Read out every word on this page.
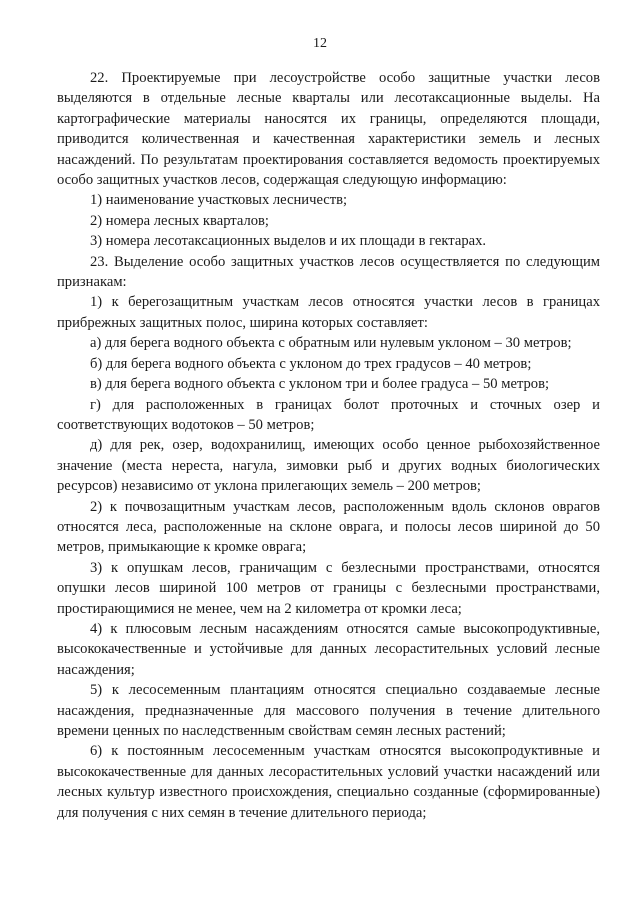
12

22. Проектируемые при лесоустройстве особо защитные участки лесов выделяются в отдельные лесные кварталы или лесотаксационные выделы. На картографические материалы наносятся их границы, определяются площади, приводится количественная и качественная характеристики земель и лесных насаждений. По результатам проектирования составляется ведомость проектируемых особо защитных участков лесов, содержащая следующую информацию:

1) наименование участковых лесничеств;

2) номера лесных кварталов;

3) номера лесотаксационных выделов и их площади в гектарах.

23. Выделение особо защитных участков лесов осуществляется по следующим признакам:

1) к берегозащитным участкам лесов относятся участки лесов в границах прибрежных защитных полос, ширина которых составляет:

а) для берега водного объекта с обратным или нулевым уклоном – 30 метров;

б) для берега водного объекта с уклоном до трех градусов – 40 метров;

в) для берега водного объекта с уклоном три и более градуса – 50 метров;

г) для расположенных в границах болот проточных и сточных озер и соответствующих водотоков – 50 метров;

д) для рек, озер, водохранилищ, имеющих особо ценное рыбохозяйственное значение (места нереста, нагула, зимовки рыб и других водных биологических ресурсов) независимо от уклона прилегающих земель – 200 метров;

2) к почвозащитным участкам лесов, расположенным вдоль склонов оврагов относятся леса, расположенные на склоне оврага, и полосы лесов шириной до 50 метров, примыкающие к кромке оврага;

3) к опушкам лесов, граничащим с безлесными пространствами, относятся опушки лесов шириной 100 метров от границы с безлесными пространствами, простирающимися не менее, чем на 2 километра от кромки леса;

4) к плюсовым лесным насаждениям относятся самые высокопродуктивные, высококачественные и устойчивые для данных лесорастительных условий лесные насаждения;

5) к лесосеменным плантациям относятся специально создаваемые лесные насаждения, предназначенные для массового получения в течение длительного времени ценных по наследственным свойствам семян лесных растений;

6) к постоянным лесосеменным участкам относятся высокопродуктивные и высококачественные для данных лесорастительных условий участки насаждений или лесных культур известного происхождения, специально созданные (сформированные) для получения с них семян в течение длительного периода;
